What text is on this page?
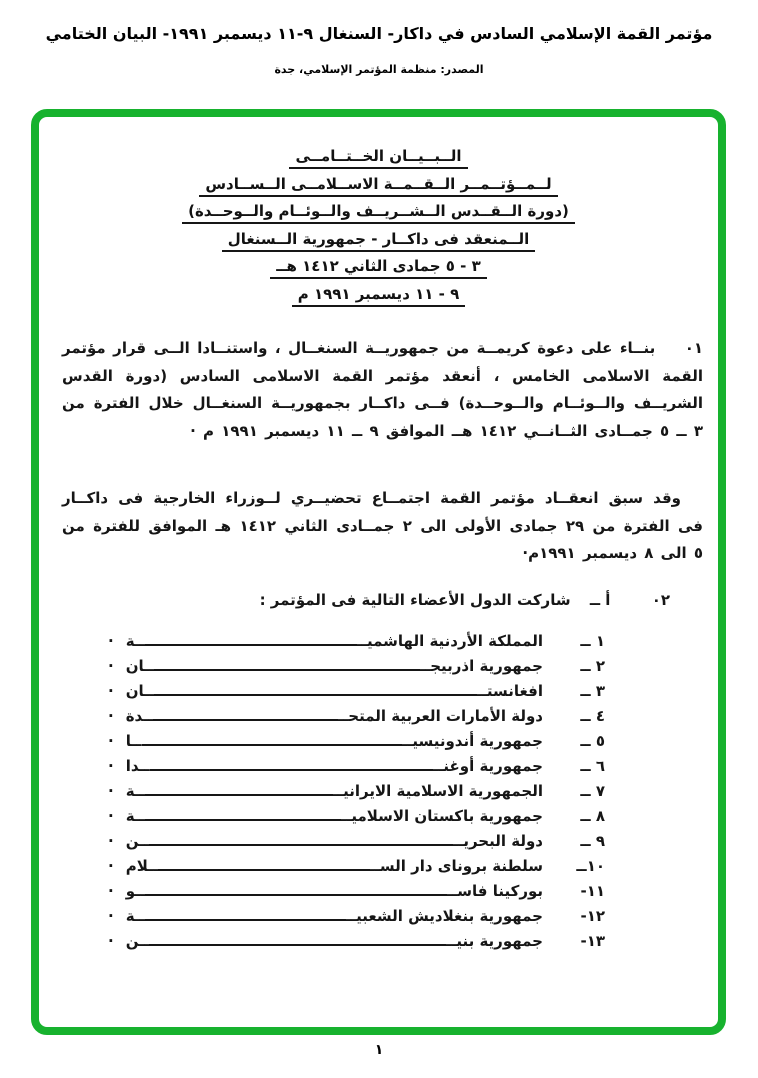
مؤتمر القمة الإسلامي السادس في داكار- السنغال ٩-١١ ديسمبر ١٩٩١- البيان الختامي
المصدر: منظمة المؤتمر الإسلامي، جدة
الــبــيــان الخــتــامــى
لــمــؤتــمــر الــقــمــة الاســلامــى الــســادس
(دورة الــقــدس الــشــريــف والــوئــام والــوحــدة)
الــمنعقد فى داكــار - جمهورية الــسنغال
٣ - ٥ جمادى الثاني ١٤١٢ هــ
٩ - ١١ ديسمبر ١٩٩١ م

٠١ بنــاء على دعوة كريمــة من جمهوريــة السنغــال ، واستنــادا الــى قرار مؤتمر القمة الاسلامى الخامس ، أنعقد مؤتمر القمة الاسلامى السادس (دورة القدس الشريــف والــوئــام والــوحــدة) فــى داكــار بجمهوريــة السنغــال خلال الفترة من ٣ ــ ٥ جمــادى الثــانــي ١٤١٢ هــ الموافق ٩ ــ ١١ ديسمبر ١٩٩١ م ·

وقد سبق انعقــاد مؤتمر القمة اجتمــاع تحضيــري لــوزراء الخارجية فى داكــار فى الفترة من ٢٩ جمادى الأولى الى ٢ جمــادى الثاني ١٤١٢ هـ الموافق للفترة من ٥ الى ٨ ديسمبر ١٩٩١م·

٠٢ أ ــ شاركت الدول الأعضاء التالية فى المؤتمر :

١ ــ
المملكة الأردنية الهاشميــ
ــة
·
٢ ــ
جمهورية اذربيجــ
ــان
·
٣ ــ
افغانستــ
ــان
·
٤ ــ
دولة الأمارات العربية المتحــ
ــدة
·
٥ ــ
جمهورية أندونيسيــ
ــا
·
٦ ــ
جمهورية أوغنــ
ــدا
·
٧ ــ
الجمهورية الاسلامية الايرانيــ
ــة
·
٨ ــ
جمهورية باكستان الاسلاميــ
ــة
·
٩ ــ
دولة البحريــ
ــن
·
١٠ــ
سلطنة بروناى دار الســ
ــلام
·
١١-
بوركينا فاســ
ــو
·
١٢-
جمهورية بنغلاديش الشعبيــ
ــة
·
١٣-
جمهورية بنيــ
ــن
·
١
